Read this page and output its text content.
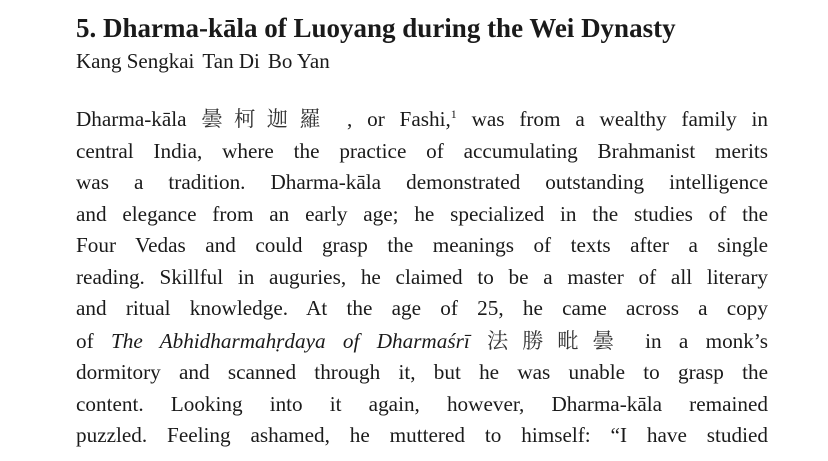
5. Dharma-kāla of Luoyang during the Wei Dynasty
Kang Sengkai Tan Di Bo Yan
Dharma-kāla 曇柯迦羅 , or Fashi,$^1$ was from a wealthy family in
central India, where the practice of accumulating Brahmanist merits
was a tradition. Dharma-kāla demonstrated outstanding intelligence
and elegance from an early age; he specialized in the studies of the
Four Vedas and could grasp the meanings of texts after a single
reading. Skillful in auguries, he claimed to be a master of all literary
and ritual knowledge. At the age of 25, he came across a copy
of The Abhidharmahṛdaya of Dharmaśrī 法勝毗曇 in a monk’s
dormitory and scanned through it, but he was unable to grasp the
content. Looking into it again, however, Dharma-kāla remained
puzzled. Feeling ashamed, he muttered to himself: “I have studied
